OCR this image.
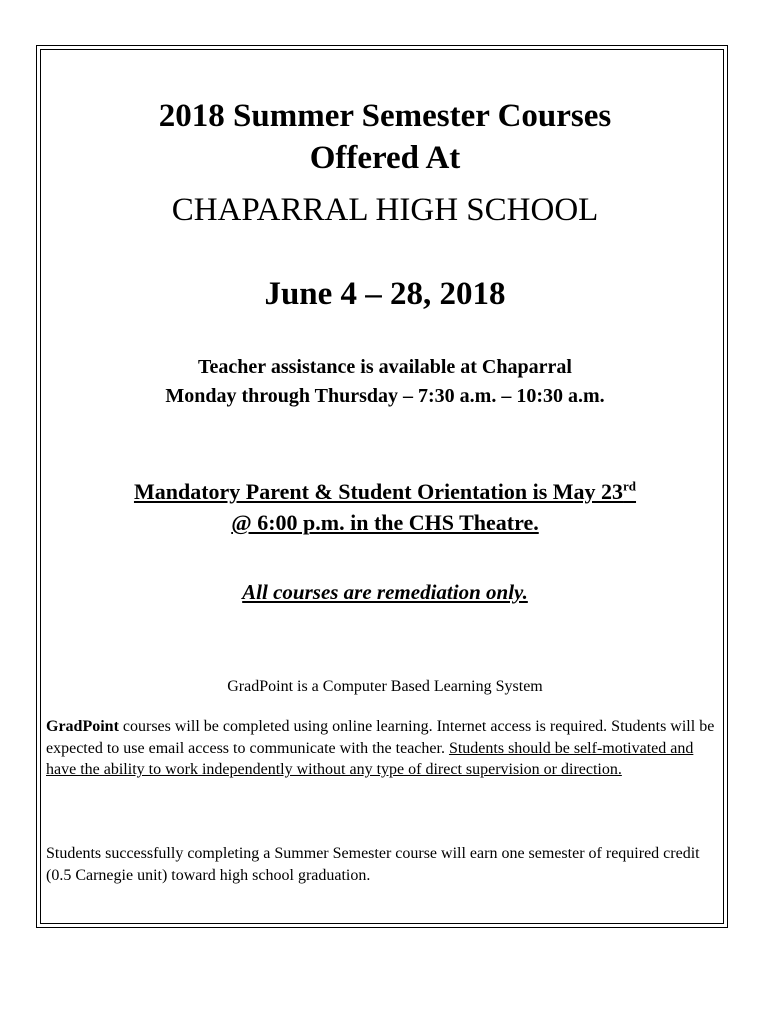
2018 Summer Semester Courses

Offered At

CHAPARRAL HIGH SCHOOL

June 4 – 28, 2018

Teacher assistance is available at Chaparral

Monday through Thursday – 7:30 a.m. – 10:30 a.m.

Mandatory Parent & Student Orientation is May 23rd

@ 6:00 p.m. in the CHS Theatre.

All courses are remediation only.

GradPoint is a Computer Based Learning System

GradPoint courses will be completed using online learning. Internet access is required. Students will be expected to use email access to communicate with the teacher. Students should be self-motivated and have the ability to work independently without any type of direct supervision or direction.

Students successfully completing a Summer Semester course will earn one semester of required credit (0.5 Carnegie unit) toward high school graduation.
